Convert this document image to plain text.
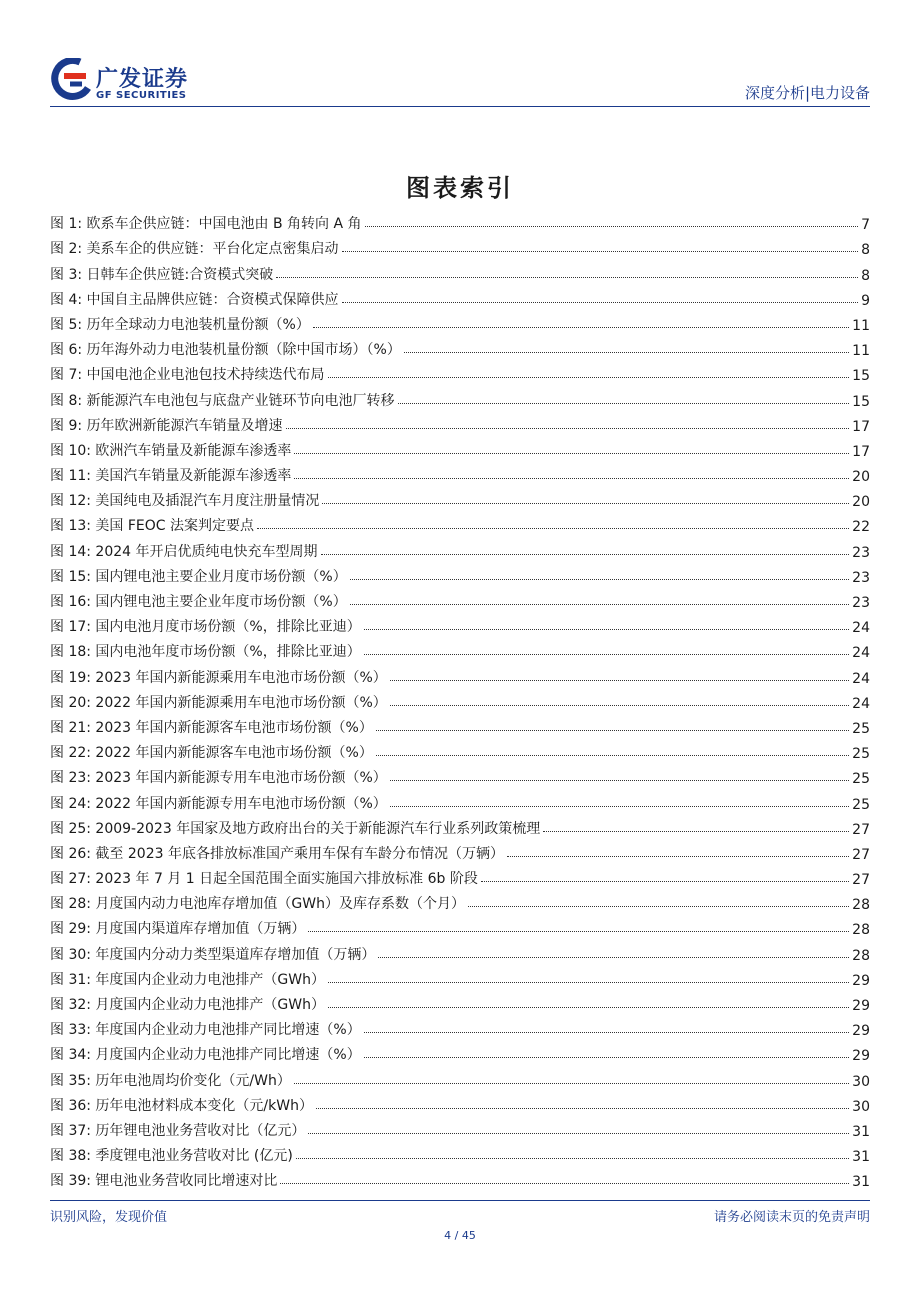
广发证券
GF SECURITIES	深度分析|电力设备
图表索引
图 1: 欧系车企供应链：中国电池由 B 角转向 A 角	7
图 2: 美系车企的供应链：平台化定点密集启动	8
图 3: 日韩车企供应链:合资模式突破	8
图 4: 中国自主品牌供应链：合资模式保障供应	9
图 5: 历年全球动力电池装机量份额（%）	11
图 6: 历年海外动力电池装机量份额（除中国市场）（%）	11
图 7: 中国电池企业电池包技术持续迭代布局	15
图 8: 新能源汽车电池包与底盘产业链环节向电池厂转移	15
图 9: 历年欧洲新能源汽车销量及增速	17
图 10: 欧洲汽车销量及新能源车渗透率	17
图 11: 美国汽车销量及新能源车渗透率	20
图 12: 美国纯电及插混汽车月度注册量情况	20
图 13: 美国 FEOC 法案判定要点	22
图 14: 2024 年开启优质纯电快充车型周期	23
图 15: 国内锂电池主要企业月度市场份额（%）	23
图 16: 国内锂电池主要企业年度市场份额（%）	23
图 17: 国内电池月度市场份额（%，排除比亚迪）	24
图 18: 国内电池年度市场份额（%，排除比亚迪）	24
图 19: 2023 年国内新能源乘用车电池市场份额（%）	24
图 20: 2022 年国内新能源乘用车电池市场份额（%）	24
图 21: 2023 年国内新能源客车电池市场份额（%）	25
图 22: 2022 年国内新能源客车电池市场份额（%）	25
图 23: 2023 年国内新能源专用车电池市场份额（%）	25
图 24: 2022 年国内新能源专用车电池市场份额（%）	25
图 25: 2009-2023 年国家及地方政府出台的关于新能源汽车行业系列政策梳理	27
图 26: 截至 2023 年底各排放标准国产乘用车保有车龄分布情况（万辆）	27
图 27: 2023 年 7 月 1 日起全国范围全面实施国六排放标准 6b 阶段	27
图 28: 月度国内动力电池库存增加值（GWh）及库存系数（个月）	28
图 29: 月度国内渠道库存增加值（万辆）	28
图 30: 年度国内分动力类型渠道库存增加值（万辆）	28
图 31: 年度国内企业动力电池排产（GWh）	29
图 32: 月度国内企业动力电池排产（GWh）	29
图 33: 年度国内企业动力电池排产同比增速（%）	29
图 34: 月度国内企业动力电池排产同比增速（%）	29
图 35: 历年电池周均价变化（元/Wh）	30
图 36: 历年电池材料成本变化（元/kWh）	30
图 37: 历年锂电池业务营收对比（亿元）	31
图 38: 季度锂电池业务营收对比 (亿元)	31
图 39: 锂电池业务营收同比增速对比	31
识别风险，发现价值	请务必阅读末页的免责声明
4 / 45
